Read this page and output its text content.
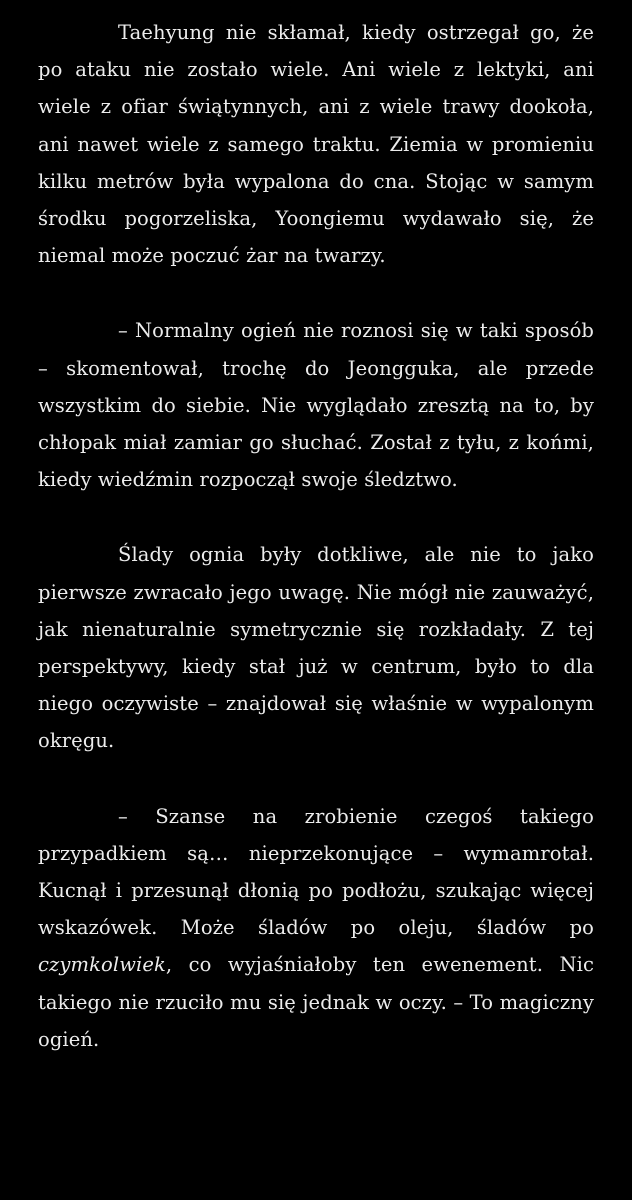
Taehyung nie skłamał, kiedy ostrzegał go, że po ataku nie zostało wiele. Ani wiele z lektyki, ani wiele z ofiar świątynnych, ani z wiele trawy dookoła, ani nawet wiele z samego traktu. Ziemia w promieniu kilku metrów była wypalona do cna. Stojąc w samym środku pogorzeliska, Yoongiemu wydawało się, że niemal może poczuć żar na twarzy.

– Normalny ogień nie roznosi się w taki sposób – skomentował, trochę do Jeongguka, ale przede wszystkim do siebie. Nie wyglądało zresztą na to, by chłopak miał zamiar go słuchać. Został z tyłu, z końmi, kiedy wiedźmin rozpoczął swoje śledztwo.

Ślady ognia były dotkliwe, ale nie to jako pierwsze zwracało jego uwagę. Nie mógł nie zauważyć, jak nienaturalnie symetrycznie się rozkładały. Z tej perspektywy, kiedy stał już w centrum, było to dla niego oczywiste – znajdował się właśnie w wypalonym okręgu.

– Szanse na zrobienie czegoś takiego przypadkiem są… nieprzekonujące – wymamrotał. Kucnął i przesunął dłonią po podłożu, szukając więcej wskazówek. Może śladów po oleju, śladów po czymkolwiek, co wyjaśniałoby ten ewenement. Nic takiego nie rzuciło mu się jednak w oczy. – To magiczny ogień.
